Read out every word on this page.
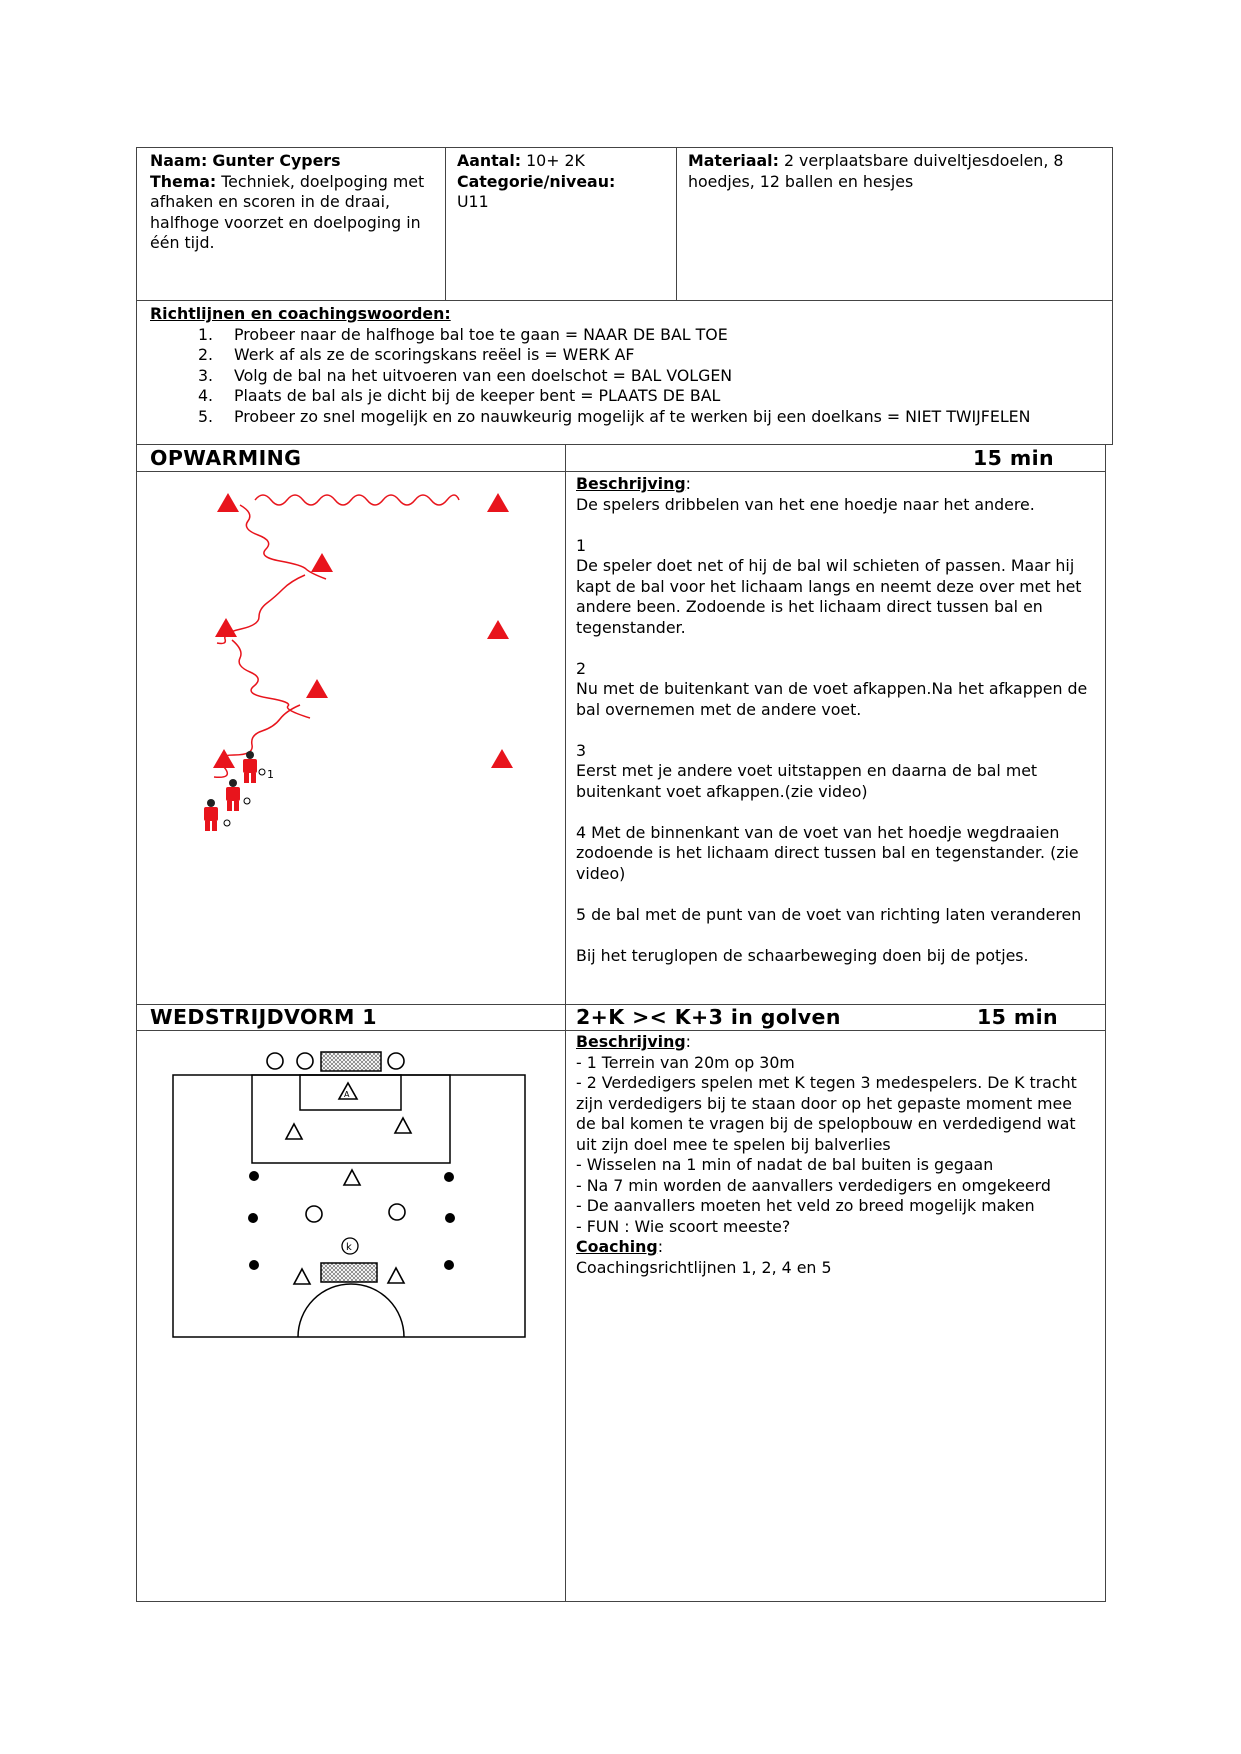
Naam: Gunter Cypers
Thema: Techniek, doelpoging met afhaken en scoren in de draai, halfhoge voorzet en doelpoging in één tijd.
Aantal: 10+ 2K
Categorie/niveau:
U11
Materiaal: 2 verplaatsbare duiveltjesdoelen, 8 hoedjes, 12 ballen en hesjes
Richtlijnen en coachingswoorden:
1. Probeer naar de halfhoge bal toe te gaan = NAAR DE BAL TOE
2. Werk af als ze de scoringskans reëel is = WERK AF
3. Volg de bal na het uitvoeren van een doelschot = BAL VOLGEN
4. Plaats de bal als je dicht bij de keeper bent = PLAATS DE BAL
5. Probeer zo snel mogelijk en zo nauwkeurig mogelijk af te werken bij een doelkans = NIET TWIJFELEN
OPWARMING	15 min
Beschrijving:

De spelers dribbelen van het ene hoedje naar het andere.

1

De speler doet net of hij de bal wil schieten of passen. Maar hij kapt de bal voor het lichaam langs en neemt deze over met het andere been. Zodoende is het lichaam direct tussen bal en tegenstander.

2

Nu met de buitenkant van de voet afkappen.Na het afkappen de bal overnemen met de andere voet.

3

Eerst met je andere voet uitstappen en daarna de bal met buitenkant voet afkappen.(zie video)

4 Met de binnenkant van de voet van het hoedje wegdraaien zodoende is het lichaam direct tussen bal en tegenstander. (zie video)

5 de bal met de punt van de voet van richting laten veranderen

Bij het teruglopen de schaarbeweging doen bij de potjes.

1
WEDSTRIJDVORM 1	2+K >< K+3 in golven	15 min
Beschrijving:

- 1 Terrein van 20m op 30m

- 2 Verdedigers spelen met K tegen 3 medespelers. De K tracht zijn verdedigers bij te staan door op het gepaste moment mee de bal komen te vragen bij de spelopbouw en verdedigend wat uit zijn doel mee te spelen bij balverlies

- Wisselen na 1 min of nadat de bal buiten is gegaan

- Na 7 min worden de aanvallers verdedigers en omgekeerd

- De aanvallers moeten het veld zo breed mogelijk maken

- FUN : Wie scoort meeste?

Coaching:

Coachingsrichtlijnen 1, 2, 4 en 5

A
k
